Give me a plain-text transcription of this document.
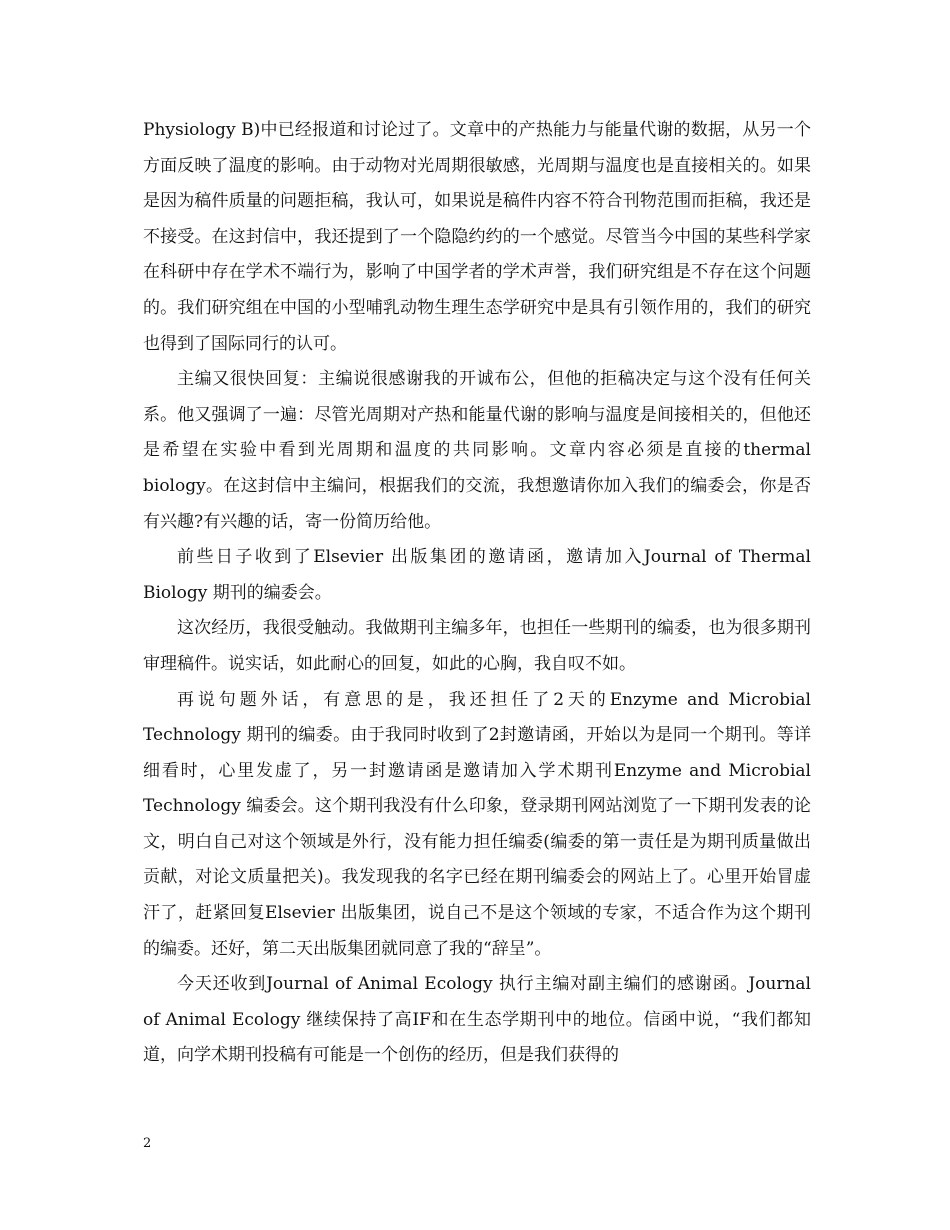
Physiology B)中已经报道和讨论过了。文章中的产热能力与能量代谢的数据，从另一个方面反映了温度的影响。由于动物对光周期很敏感，光周期与温度也是直接相关的。如果是因为稿件质量的问题拒稿，我认可，如果说是稿件内容不符合刊物范围而拒稿，我还是不接受。在这封信中，我还提到了一个隐隐约约的一个感觉。尽管当今中国的某些科学家在科研中存在学术不端行为，影响了中国学者的学术声誉，我们研究组是不存在这个问题的。我们研究组在中国的小型哺乳动物生理生态学研究中是具有引领作用的，我们的研究也得到了国际同行的认可。

主编又很快回复：主编说很感谢我的开诚布公，但他的拒稿决定与这个没有任何关系。他又强调了一遍：尽管光周期对产热和能量代谢的影响与温度是间接相关的，但他还是希望在实验中看到光周期和温度的共同影响。文章内容必须是直接的thermal biology。在这封信中主编问，根据我们的交流，我想邀请你加入我们的编委会，你是否有兴趣?有兴趣的话，寄一份简历给他。

前些日子收到了Elsevier 出版集团的邀请函，邀请加入Journal of Thermal Biology 期刊的编委会。

这次经历，我很受触动。我做期刊主编多年，也担任一些期刊的编委，也为很多期刊审理稿件。说实话，如此耐心的回复，如此的心胸，我自叹不如。

再说句题外话，有意思的是，我还担任了2天的Enzyme and Microbial Technology 期刊的编委。由于我同时收到了2封邀请函，开始以为是同一个期刊。等详细看时，心里发虚了，另一封邀请函是邀请加入学术期刊Enzyme and Microbial Technology 编委会。这个期刊我没有什么印象，登录期刊网站浏览了一下期刊发表的论文，明白自己对这个领域是外行，没有能力担任编委(编委的第一责任是为期刊质量做出贡献，对论文质量把关)。我发现我的名字已经在期刊编委会的网站上了。心里开始冒虚汗了，赶紧回复Elsevier 出版集团，说自己不是这个领域的专家，不适合作为这个期刊的编委。还好，第二天出版集团就同意了我的“辞呈”。

今天还收到Journal of Animal Ecology 执行主编对副主编们的感谢函。Journal of Animal Ecology 继续保持了高IF和在生态学期刊中的地位。信函中说，“我们都知道，向学术期刊投稿有可能是一个创伤的经历，但是我们获得的

2
